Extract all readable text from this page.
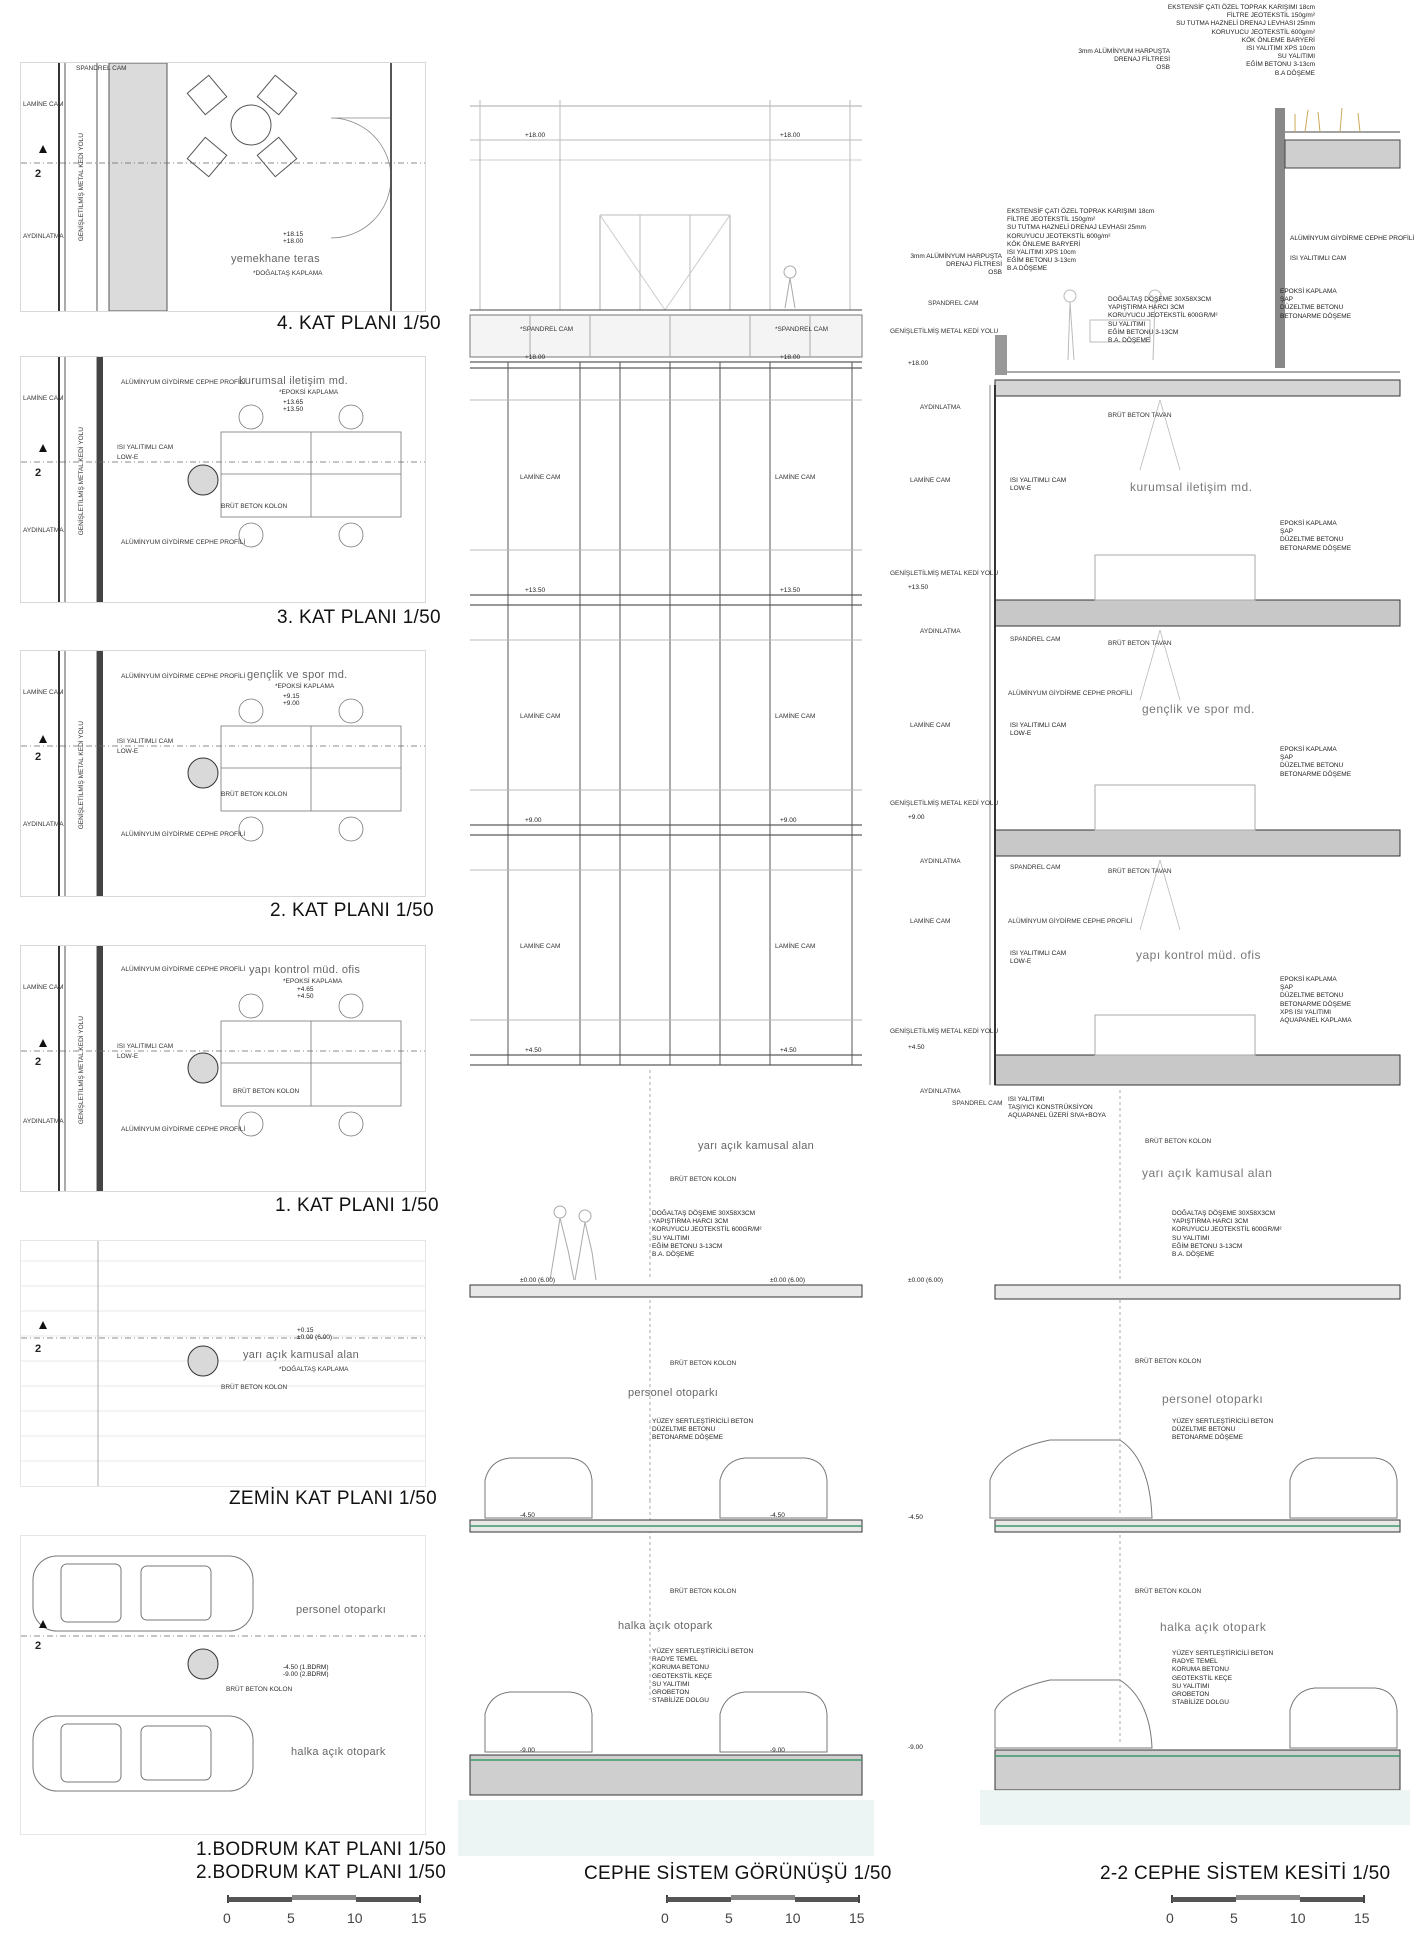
SPANDREL CAM
LAMİNE CAM
AYDINLATMA GENİŞLETİLMİŞ METAL KEDİ YOLU
2
yemekhane teras
*DOĞALTAŞ KAPLAMA
+18.15
+18.00
4. KAT PLANI 1/50
ALÜMİNYUM GİYDİRME CEPHE PROFİLİ
LAMİNE CAM
ISI YALITIMLI CAM
LOW-E
AYDINLATMA
BRÜT BETON KOLON
ALÜMİNYUM GİYDİRME CEPHE PROFİLİ
GENİŞLETİLMİŞ METAL KEDİ YOLU
2
kurumsal iletişim md.
*EPOKSİ KAPLAMA
+13.65
+13.50
3. KAT PLANI 1/50
ALÜMİNYUM GİYDİRME CEPHE PROFİLİ
LAMİNE CAM
ISI YALITIMLI CAM
LOW-E
AYDINLATMA
BRÜT BETON KOLON
ALÜMİNYUM GİYDİRME CEPHE PROFİLİ
GENİŞLETİLMİŞ METAL KEDİ YOLU
2
gençlik ve spor md.
*EPOKSİ KAPLAMA
+9.15
+9.00
2. KAT PLANI 1/50
ALÜMİNYUM GİYDİRME CEPHE PROFİLİ
LAMİNE CAM
ISI YALITIMLI CAM
LOW-E
AYDINLATMA
BRÜT BETON KOLON
ALÜMİNYUM GİYDİRME CEPHE PROFİLİ
GENİŞLETİLMİŞ METAL KEDİ YOLU
2
yapı kontrol müd. ofis
*EPOKSİ KAPLAMA
+4.65
+4.50
1. KAT PLANI 1/50
2	yarı açık kamusal alan
*DOĞALTAŞ KAPLAMA
BRÜT BETON KOLON
+0.15
±0.00 (6.00)
ZEMİN KAT PLANI 1/50
2
personel otoparkı
halka açık otopark
BRÜT BETON KOLON
-4.50 (1.BDRM)
-9.00 (2.BDRM)
1.BODRUM KAT PLANI 1/50
2.BODRUM KAT PLANI 1/50
0	5	10	15
+18.00	+18.00
+18.00	+18.00
+13.50	+13.50
+9.00	+9.00
+4.50	+4.50
±0.00 (6.00)	±0.00 (6.00)
-4.50	-4.50
-9.00	-9.00
*SPANDREL CAM	*SPANDREL CAM
LAMİNE CAM	LAMİNE CAM
LAMİNE CAM	LAMİNE CAM
LAMİNE CAM	LAMİNE CAM
yarı açık kamusal alan
personel otoparkı
halka açık otopark
BRÜT BETON KOLON
BRÜT BETON KOLON
BRÜT BETON KOLON
DOĞALTAŞ DÖŞEME 30X58X3CM
YAPIŞTIRMA HARCI 3CM
KORUYUCU JEOTEKSTİL 600GR/M²
SU YALITIMI
EĞİM BETONU 3-13CM
B.A. DÖŞEME
YÜZEY SERTLEŞTİRİCİLİ BETON
DÜZELTME BETONU
BETONARME DÖŞEME
YÜZEY SERTLEŞTİRİCİLİ BETON
RADYE TEMEL
KORUMA BETONU
GEOTEKSTİL KEÇE
SU YALITIMI
GROBETON
STABİLİZE DOLGU
CEPHE SİSTEM GÖRÜNÜŞÜ 1/50
0	5	10	15
EKSTENSİF ÇATI ÖZEL TOPRAK KARIŞIMI 18cm
FİLTRE JEOTEKSTİL 150g/m²
SU TUTMA HAZNELİ DRENAJ LEVHASI 25mm
KORUYUCU JEOTEKSTİL 600g/m²
KÖK ÖNLEME BARYERİ
ISI YALITIMI XPS 10cm
SU YALITIMI
EĞİM BETONU 3-13cm
B.A DÖŞEME
3mm ALÜMİNYUM HARPUŞTA
DRENAJ FİLTRESİ
OSB
ALÜMİNYUM GİYDİRME CEPHE PROFİLİ
ISI YALITIMLI CAM
EKSTENSİF ÇATI ÖZEL TOPRAK KARIŞIMI 18cm
FİLTRE JEOTEKSTİL 150g/m²
SU TUTMA HAZNELİ DRENAJ LEVHASI 25mm
KORUYUCU JEOTEKSTİL 600g/m²
KÖK ÖNLEME BARYERİ
ISI YALITIMI XPS 10cm
EĞİM BETONU 3-13cm
B.A DÖŞEME
3mm ALÜMİNYUM HARPUŞTA
DRENAJ FİLTRESİ
OSB
DOĞALTAŞ DÖŞEME 30X58X3CM
YAPIŞTIRMA HARCI 3CM
KORUYUCU JEOTEKSTİL 600GR/M²
SU YALITIMI
EĞİM BETONU 3-13CM
B.A. DÖŞEME
EPOKSİ KAPLAMA
ŞAP
DÜZELTME BETONU
BETONARME DÖŞEME
SPANDREL CAM
GENİŞLETİLMİŞ METAL KEDİ YOLU
+18.00
AYDINLATMA
LAMİNE CAM	ISI YALITIMLI CAM
LOW-E
BRÜT BETON TAVAN
kurumsal iletişim md.
EPOKSİ KAPLAMA
ŞAP
DÜZELTME BETONU
BETONARME DÖŞEME
GENİŞLETİLMİŞ METAL KEDİ YOLU
+13.50
AYDINLATMA
SPANDREL CAM
BRÜT BETON TAVAN
ALÜMİNYUM GİYDİRME CEPHE PROFİLİ
LAMİNE CAM	ISI YALITIMLI CAM
LOW-E
gençlik ve spor md.
EPOKSİ KAPLAMA
ŞAP
DÜZELTME BETONU
BETONARME DÖŞEME
GENİŞLETİLMİŞ METAL KEDİ YOLU
+9.00
AYDINLATMA
SPANDREL CAM
BRÜT BETON TAVAN
ALÜMİNYUM GİYDİRME CEPHE PROFİLİ
LAMİNE CAM
ISI YALITIMLI CAM
LOW-E	yapı kontrol müd. ofis
EPOKSİ KAPLAMA
ŞAP
DÜZELTME BETONU
BETONARME DÖŞEME
XPS ISI YALITIMI
AQUAPANEL KAPLAMA
GENİŞLETİLMİŞ METAL KEDİ YOLU
+4.50
AYDINLATMA
SPANDREL CAM
ISI YALITIMI
TAŞIYICI KONSTRÜKSİYON
AQUAPANEL ÜZERİ SIVA+BOYA
BRÜT BETON KOLON
yarı açık kamusal alan
DOĞALTAŞ DÖŞEME 30X58X3CM
YAPIŞTIRMA HARCI 3CM
KORUYUCU JEOTEKSTİL 600GR/M²
SU YALITIMI
EĞİM BETONU 3-13CM
B.A. DÖŞEME
±0.00 (6.00)
BRÜT BETON KOLON
personel otoparkı
YÜZEY SERTLEŞTİRİCİLİ BETON
DÜZELTME BETONU
BETONARME DÖŞEME
-4.50
BRÜT BETON KOLON
halka açık otopark
YÜZEY SERTLEŞTİRİCİLİ BETON
RADYE TEMEL
KORUMA BETONU
GEOTEKSTİL KEÇE
SU YALITIMI
GROBETON
STABİLİZE DOLGU
-9.00
2-2 CEPHE SİSTEM KESİTİ 1/50
0	5	10	15
